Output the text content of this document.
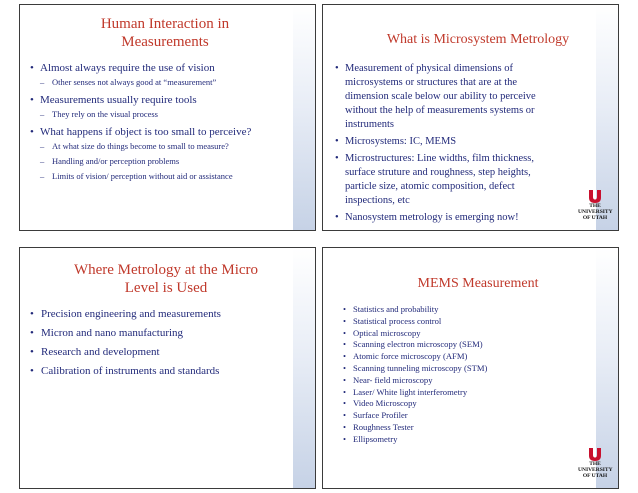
Human Interaction in
Measurements
• Almost always require the use of vision
– Other senses not always good at “measurement”
• Measurements usually require tools
– They rely on the visual process
• What happens if object is too small to perceive?
– At what size do things become to small to measure?
– Handling and/or perception problems
– Limits of vision/ perception without aid or assistance
What is Microsystem Metrology
• Measurement of physical dimensions of
microsystems or structures that are at the
dimension scale below our ability to perceive
without the help of measurements systems or
instruments
• Microsystems: IC, MEMS
• Microstructures: Line widths, film thickness,
surface struture and roughness, step heights,
particle size, atomic composition, defect
inspections, etc
• Nanosystem metrology is emerging now!
THE
UNIVERSITY
OF UTAH
Where Metrology at the Micro
Level is Used
• Precision engineering and measurements
• Micron and nano manufacturing
• Research and development
• Calibration of instruments and standards
MEMS Measurement
• Statistics and probability
• Statistical process control
• Optical microscopy
• Scanning electron microscopy (SEM)
• Atomic force microscopy (AFM)
• Scanning tunneling microscopy (STM)
• Near- field microscopy
• Laser/ White light interferometry
• Video Microscopy
• Surface Profiler
• Roughness Tester
• Ellipsometry
THE
UNIVERSITY
OF UTAH
